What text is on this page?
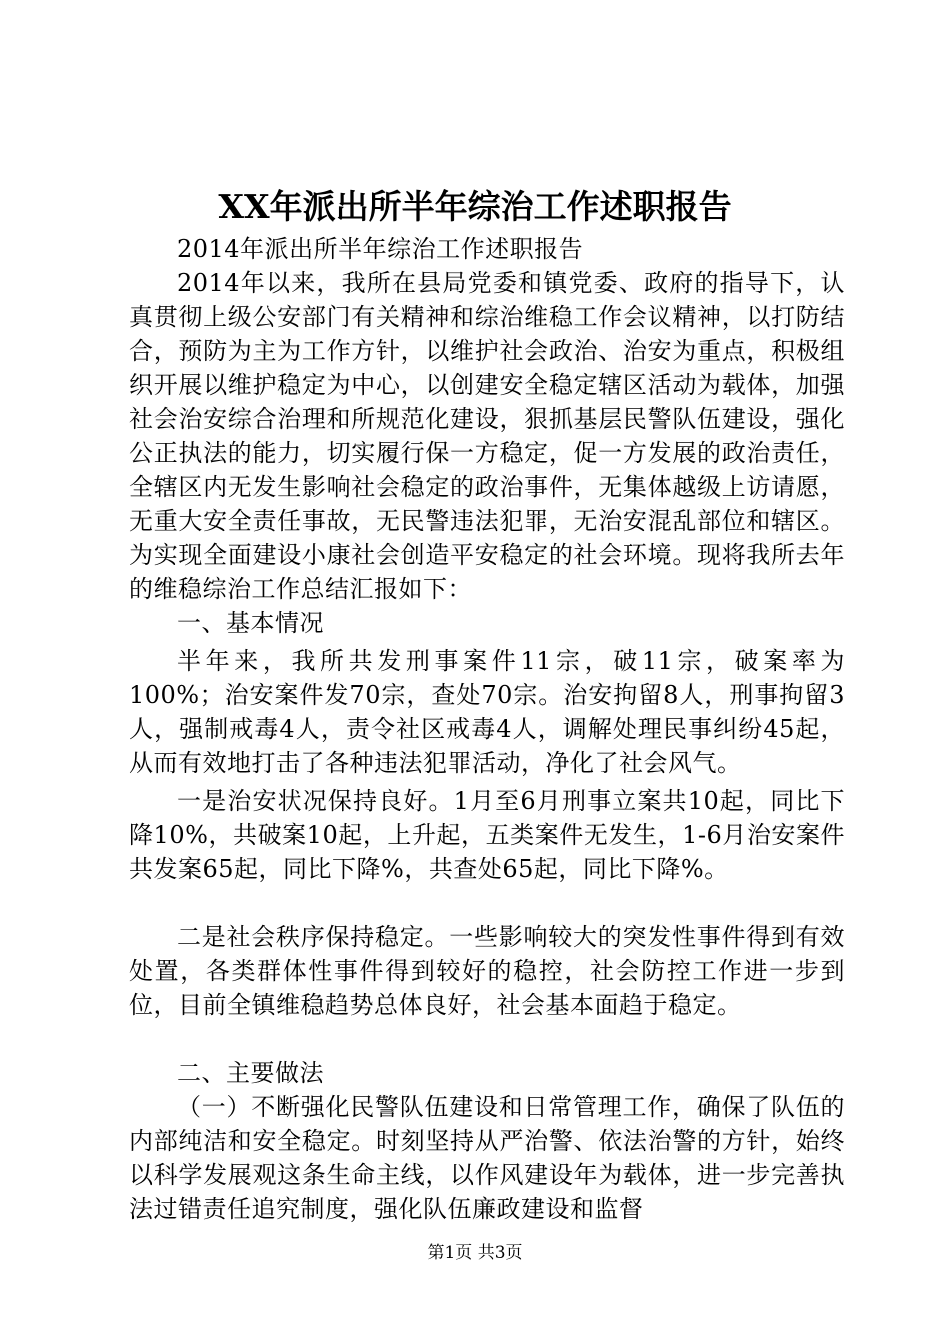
XX年派出所半年综治工作述职报告

2014年派出所半年综治工作述职报告

2014年以来，我所在县局党委和镇党委、政府的指导下，认真贯彻上级公安部门有关精神和综治维稳工作会议精神，以打防结合，预防为主为工作方针，以维护社会政治、治安为重点，积极组织开展以维护稳定为中心，以创建安全稳定辖区活动为载体，加强社会治安综合治理和所规范化建设，狠抓基层民警队伍建设，强化公正执法的能力，切实履行保一方稳定，促一方发展的政治责任，全辖区内无发生影响社会稳定的政治事件，无集体越级上访请愿，无重大安全责任事故，无民警违法犯罪，无治安混乱部位和辖区。为实现全面建设小康社会创造平安稳定的社会环境。现将我所去年的维稳综治工作总结汇报如下：

一、基本情况

半年来，我所共发刑事案件11宗，破11宗，破案率为100%；治安案件发70宗，查处70宗。治安拘留8人，刑事拘留3人，强制戒毒4人，责令社区戒毒4人，调解处理民事纠纷45起，从而有效地打击了各种违法犯罪活动，净化了社会风气。

一是治安状况保持良好。1月至6月刑事立案共10起，同比下降10%，共破案10起，上升起，五类案件无发生，1-6月治安案件共发案65起，同比下降%，共查处65起，同比下降%。

二是社会秩序保持稳定。一些影响较大的突发性事件得到有效处置，各类群体性事件得到较好的稳控，社会防控工作进一步到位，目前全镇维稳趋势总体良好，社会基本面趋于稳定。

二、主要做法

（一）不断强化民警队伍建设和日常管理工作，确保了队伍的内部纯洁和安全稳定。时刻坚持从严治警、依法治警的方针，始终以科学发展观这条生命主线，以作风建设年为载体，进一步完善执法过错责任追究制度，强化队伍廉政建设和监督

第1页 共3页
